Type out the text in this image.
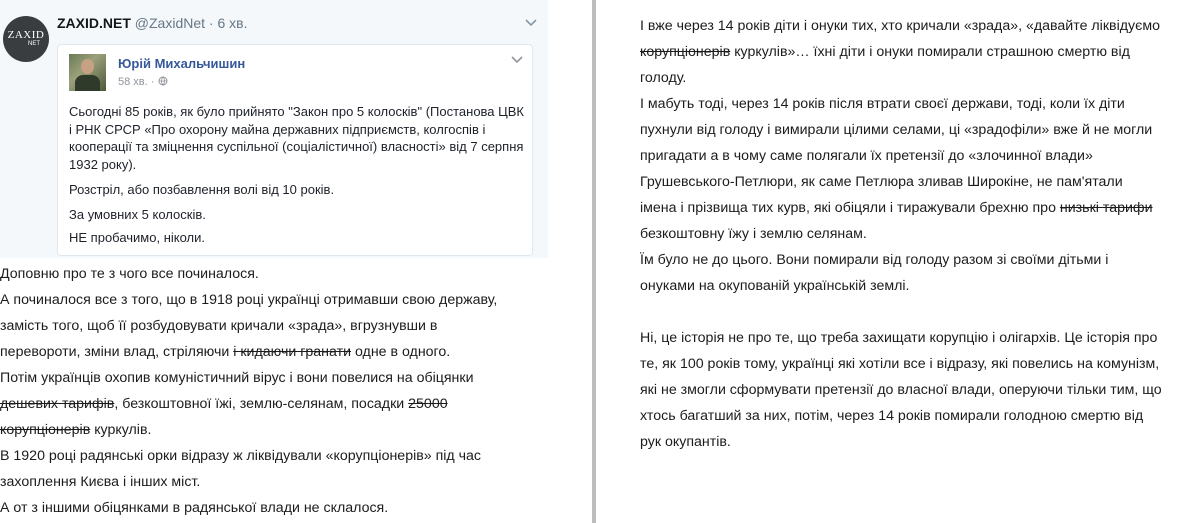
ZAXID
NET
ZAXID.NET @ZaxidNet · 6 хв.
Юрій Михальчишин
58 хв. ·
Сьогодні 85 років, як було прийнято "Закон про 5 колосків" (Постанова ЦВК і РНК СРСР «Про охорону майна державних підприємств, колгоспів і кооперації та зміцнення суспільної (соціалістичної) власності» від 7 серпня 1932 року).
Розстріл, або позбавлення волі від 10 років.
За умовних 5 колосків.
НЕ пробачимо, ніколи.
Доповню про те з чого все починалося.
А починалося все з того, що в 1918 році українці отримавши свою державу,
замість того, щоб її розбудовувати кричали «зрада», вгрузнувши в
перевороти, зміни влад, стріляючи і кидаючи гранати одне в одного.
Потім українців охопив комуністичний вірус і вони повелися на обіцянки
дешевих тарифів, безкоштовної їжі, землю-селянам, посадки 25000
корупціонерів куркулів.
В 1920 році радянські орки відразу ж ліквідували «корупціонерів» під час
захоплення Києва і інших міст.
А от з іншими обіцянками в радянської влади не склалося.
І вже через 14 років діти і онуки тих, хто кричали «зрада», «давайте ліквідуємо
корупціонерів куркулів»… їхні діти і онуки помирали страшною смертю від
голоду.
І мабуть тоді, через 14 років після втрати своєї держави, тоді, коли їх діти
пухнули від голоду і вимирали цілими селами, ці «зрадофіли» вже й не могли
пригадати а в чому саме полягали їх претензії до «злочинної влади»
Грушевського-Петлюри, як саме Петлюра зливав Широкіне, не пам'ятали
імена і прізвища тих курв, які обіцяли і тиражували брехню про низькі тарифи
безкоштовну їжу і землю селянам.
Їм було не до цього. Вони помирали від голоду разом зі своїми дітьми і
онуками на окупованій українській землі.
Ні, це історія не про те, що треба захищати корупцію і олігархів. Це історія про
те, як 100 років тому, українці які хотіли все і відразу, які повелись на комунізм,
які не змогли сформувати претензії до власної влади, оперуючи тільки тим, що
хтось багатший за них, потім, через 14 років помирали голодною смертю від
рук окупантів.
